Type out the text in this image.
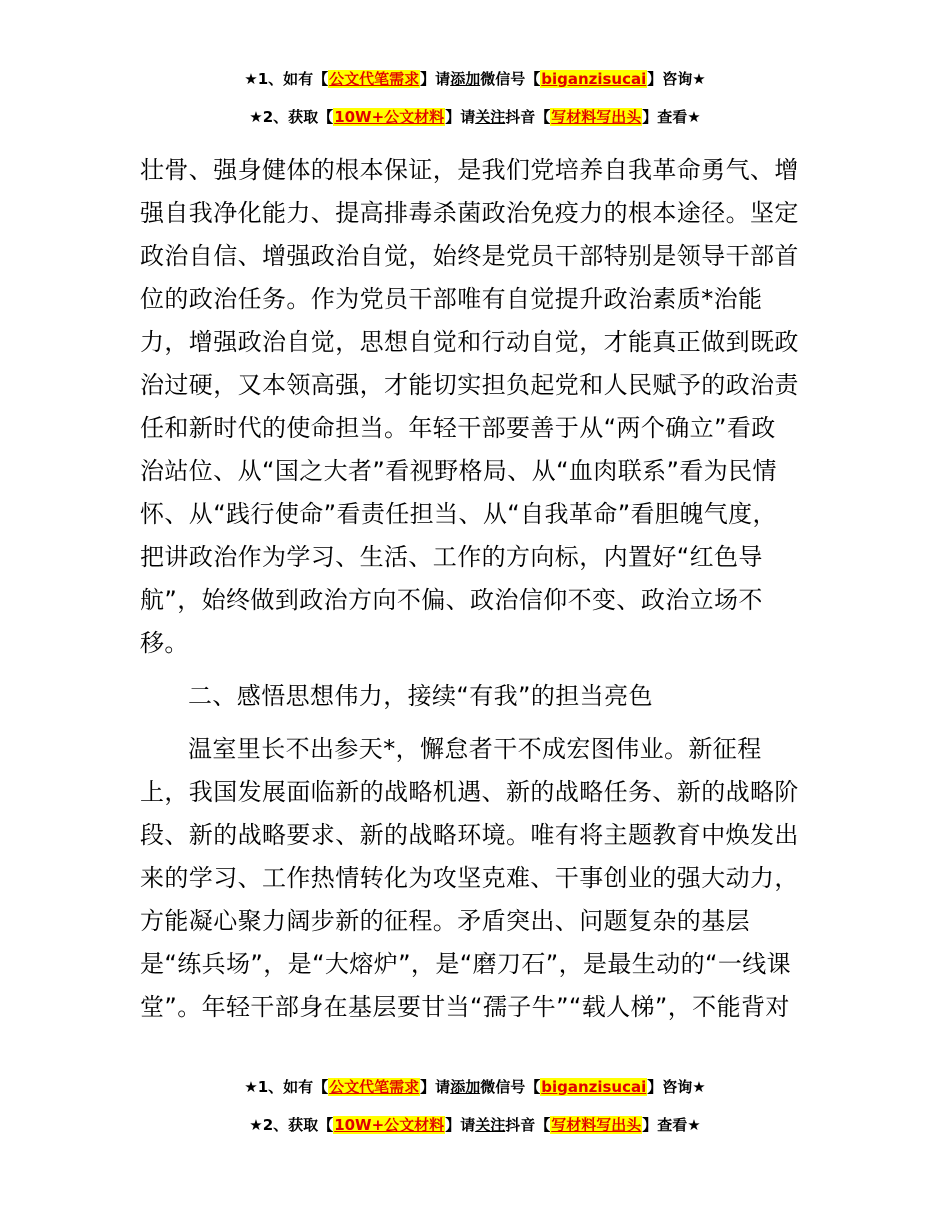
★1、如有【公文代笔需求】请添加微信号【biganzisucai】咨询★
★2、获取【10W+公文材料】请关注抖音【写材料写出头】查看★
壮骨、强身健体的根本保证，是我们党培养自我革命勇气、增
强自我净化能力、提高排毒杀菌政治免疫力的根本途径。坚定
政治自信、增强政治自觉，始终是党员干部特别是领导干部首
位的政治任务。作为党员干部唯有自觉提升政治素质*治能
力，增强政治自觉，思想自觉和行动自觉，才能真正做到既政
治过硬，又本领高强，才能切实担负起党和人民赋予的政治责
任和新时代的使命担当。年轻干部要善于从“两个确立”看政
治站位、从“国之大者”看视野格局、从“血肉联系”看为民情
怀、从“践行使命”看责任担当、从“自我革命”看胆魄气度，
把讲政治作为学习、生活、工作的方向标，内置好“红色导
航”，始终做到政治方向不偏、政治信仰不变、政治立场不
移。
二、感悟思想伟力，接续“有我”的担当亮色
温室里长不出参天*，懈怠者干不成宏图伟业。新征程
上，我国发展面临新的战略机遇、新的战略任务、新的战略阶
段、新的战略要求、新的战略环境。唯有将主题教育中焕发出
来的学习、工作热情转化为攻坚克难、干事创业的强大动力，
方能凝心聚力阔步新的征程。矛盾突出、问题复杂的基层
是“练兵场”，是“大熔炉”，是“磨刀石”，是最生动的“一线课
堂”。年轻干部身在基层要甘当“孺子牛”“载人梯”，不能背对
★1、如有【公文代笔需求】请添加微信号【biganzisucai】咨询★
★2、获取【10W+公文材料】请关注抖音【写材料写出头】查看★
